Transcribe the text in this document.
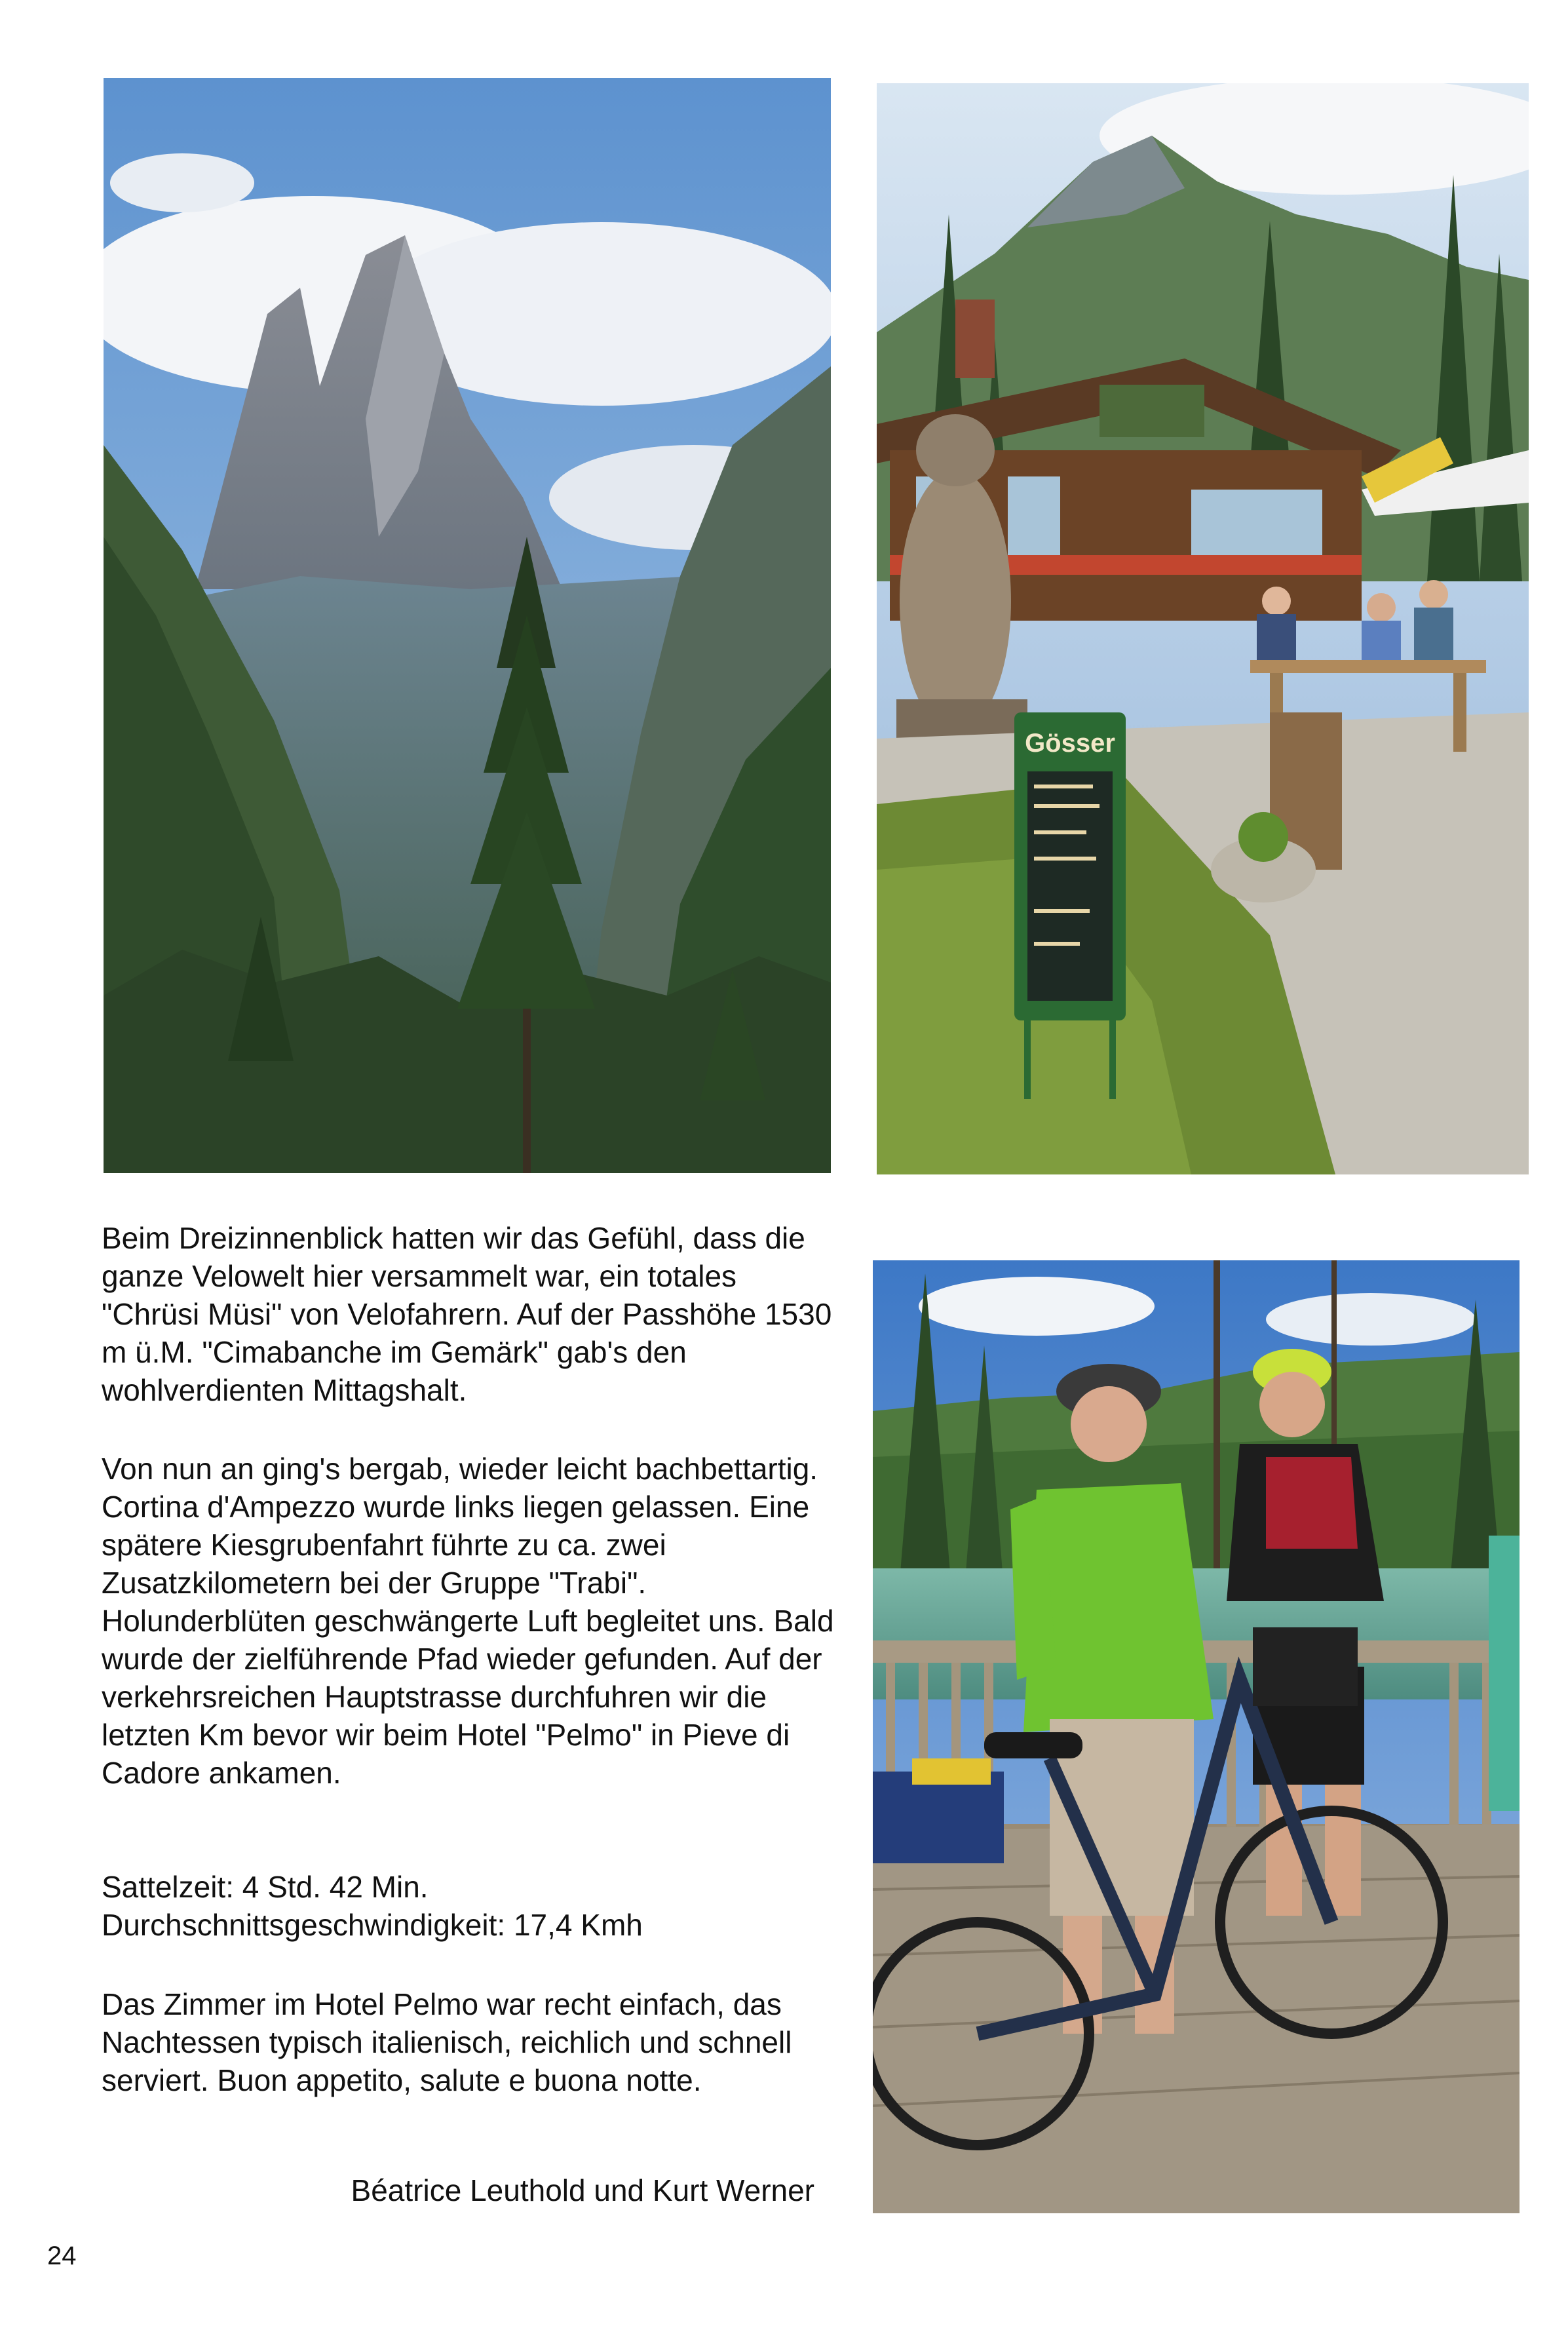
Gösser

Beim Dreizinnenblick hatten wir das Gefühl, dass die ganze Velowelt hier versammelt war, ein totales "Chrüsi Müsi" von Velofahrern. Auf der Passhöhe 1530 m ü.M. "Cimabanche im Gemärk" gab's den wohlverdienten Mittagshalt.

Von nun an ging's bergab, wieder leicht bachbettartig. Cortina d'Ampezzo wurde links liegen gelassen. Eine spätere Kiesgrubenfahrt führte zu ca. zwei Zusatzkilometern bei der Gruppe "Trabi". Holunderblüten geschwängerte Luft begleitet uns. Bald wurde der zielführende Pfad wieder gefunden. Auf der verkehrsreichen Hauptstrasse durchfuhren wir die letzten Km bevor wir beim Hotel "Pelmo" in Pieve di Cadore ankamen.

Sattelzeit: 4 Std. 42 Min.

Durchschnittsgeschwindigkeit: 17,4 Kmh

Das Zimmer im Hotel Pelmo war recht einfach, das Nachtessen typisch italienisch, reichlich und schnell serviert. Buon appetito, salute e buona notte.

Béatrice Leuthold und Kurt Werner
24
